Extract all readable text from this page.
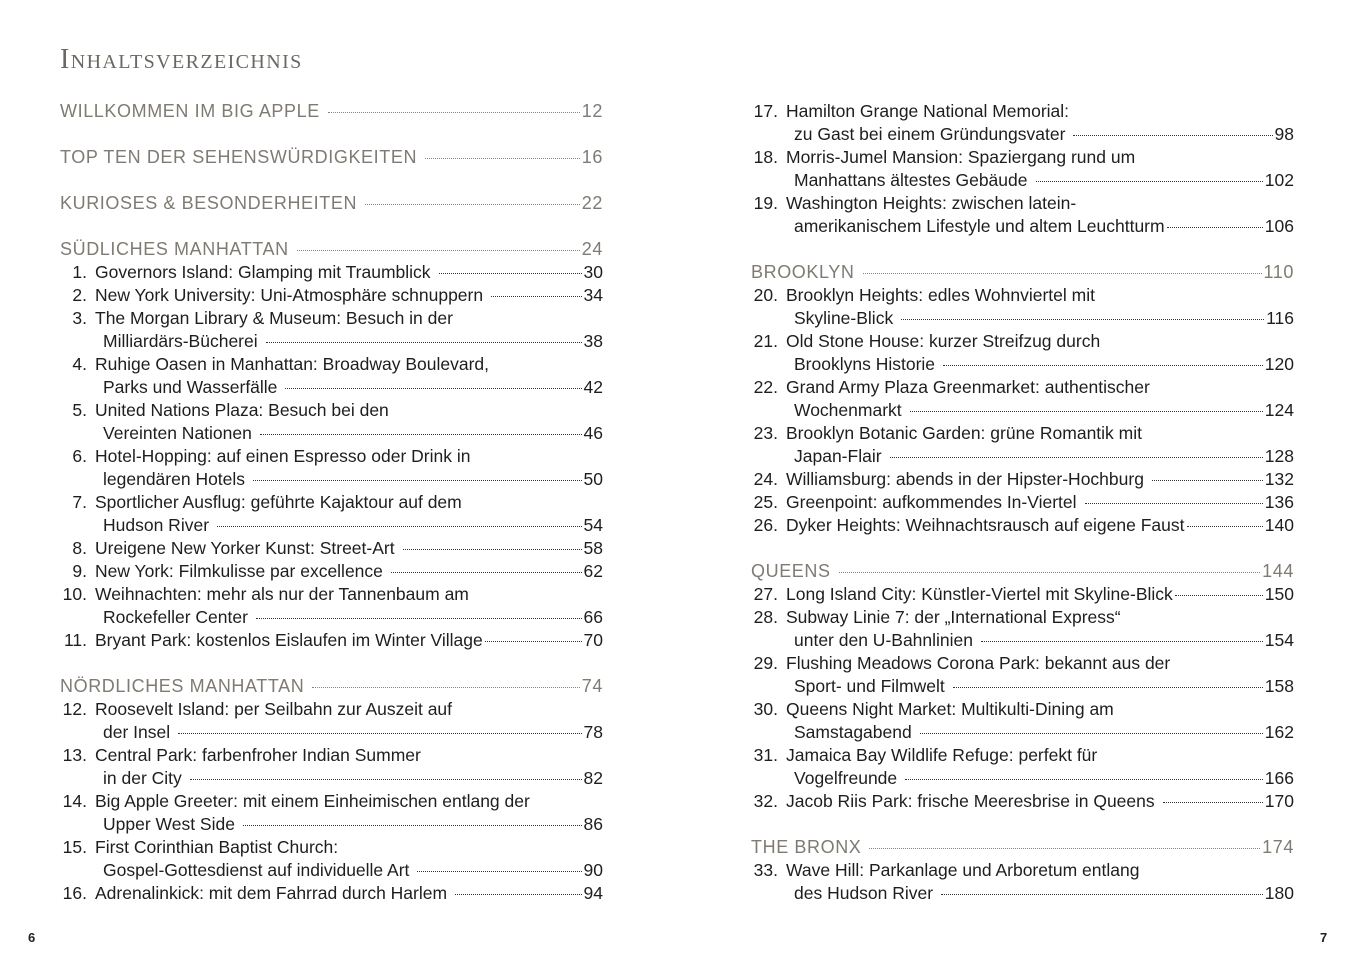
Inhaltsverzeichnis
WILLKOMMEN IM BIG APPLE	12
TOP TEN DER SEHENSWÜRDIGKEITEN	16
KURIOSES & BESONDERHEITEN	22
SÜDLICHES MANHATTAN	24
1. Governors Island: Glamping mit Traumblick	30
2. New York University: Uni-Atmosphäre schnuppern	34
3. The Morgan Library & Museum: Besuch in der
Milliardärs-Bücherei	38
4. Ruhige Oasen in Manhattan: Broadway Boulevard,
Parks und Wasserfälle	42
5. United Nations Plaza: Besuch bei den
Vereinten Nationen	46
6. Hotel-Hopping: auf einen Espresso oder Drink in
legendären Hotels	50
7. Sportlicher Ausflug: geführte Kajaktour auf dem
Hudson River	54
8. Ureigene New Yorker Kunst: Street-Art	58
9. New York: Filmkulisse par excellence	62
10. Weihnachten: mehr als nur der Tannenbaum am
Rockefeller Center	66
11. Bryant Park: kostenlos Eislaufen im Winter Village	70
NÖRDLICHES MANHATTAN	74
12. Roosevelt Island: per Seilbahn zur Auszeit auf
der Insel	78
13. Central Park: farbenfroher Indian Summer
in der City	82
14. Big Apple Greeter: mit einem Einheimischen entlang der
Upper West Side	86
15. First Corinthian Baptist Church:
Gospel-Gottesdienst auf individuelle Art	90
16. Adrenalinkick: mit dem Fahrrad durch Harlem	94
17. Hamilton Grange National Memorial:
zu Gast bei einem Gründungsvater	98
18. Morris-Jumel Mansion: Spaziergang rund um
Manhattans ältestes Gebäude	102
19. Washington Heights: zwischen latein-
amerikanischem Lifestyle und altem Leuchtturm	106
BROOKLYN	110
20. Brooklyn Heights: edles Wohnviertel mit
Skyline-Blick	116
21. Old Stone House: kurzer Streifzug durch
Brooklyns Historie	120
22. Grand Army Plaza Greenmarket: authentischer
Wochenmarkt	124
23. Brooklyn Botanic Garden: grüne Romantik mit
Japan-Flair	128
24. Williamsburg: abends in der Hipster-Hochburg	132
25. Greenpoint: aufkommendes In-Viertel	136
26. Dyker Heights: Weihnachtsrausch auf eigene Faust	140
QUEENS	144
27. Long Island City: Künstler-Viertel mit Skyline-Blick	150
28. Subway Linie 7: der „International Express“
unter den U-Bahnlinien	154
29. Flushing Meadows Corona Park: bekannt aus der
Sport- und Filmwelt	158
30. Queens Night Market: Multikulti-Dining am
Samstagabend	162
31. Jamaica Bay Wildlife Refuge: perfekt für
Vogelfreunde	166
32. Jacob Riis Park: frische Meeresbrise in Queens	170
THE BRONX	174
33. Wave Hill: Parkanlage und Arboretum entlang
des Hudson River	180
6	7
